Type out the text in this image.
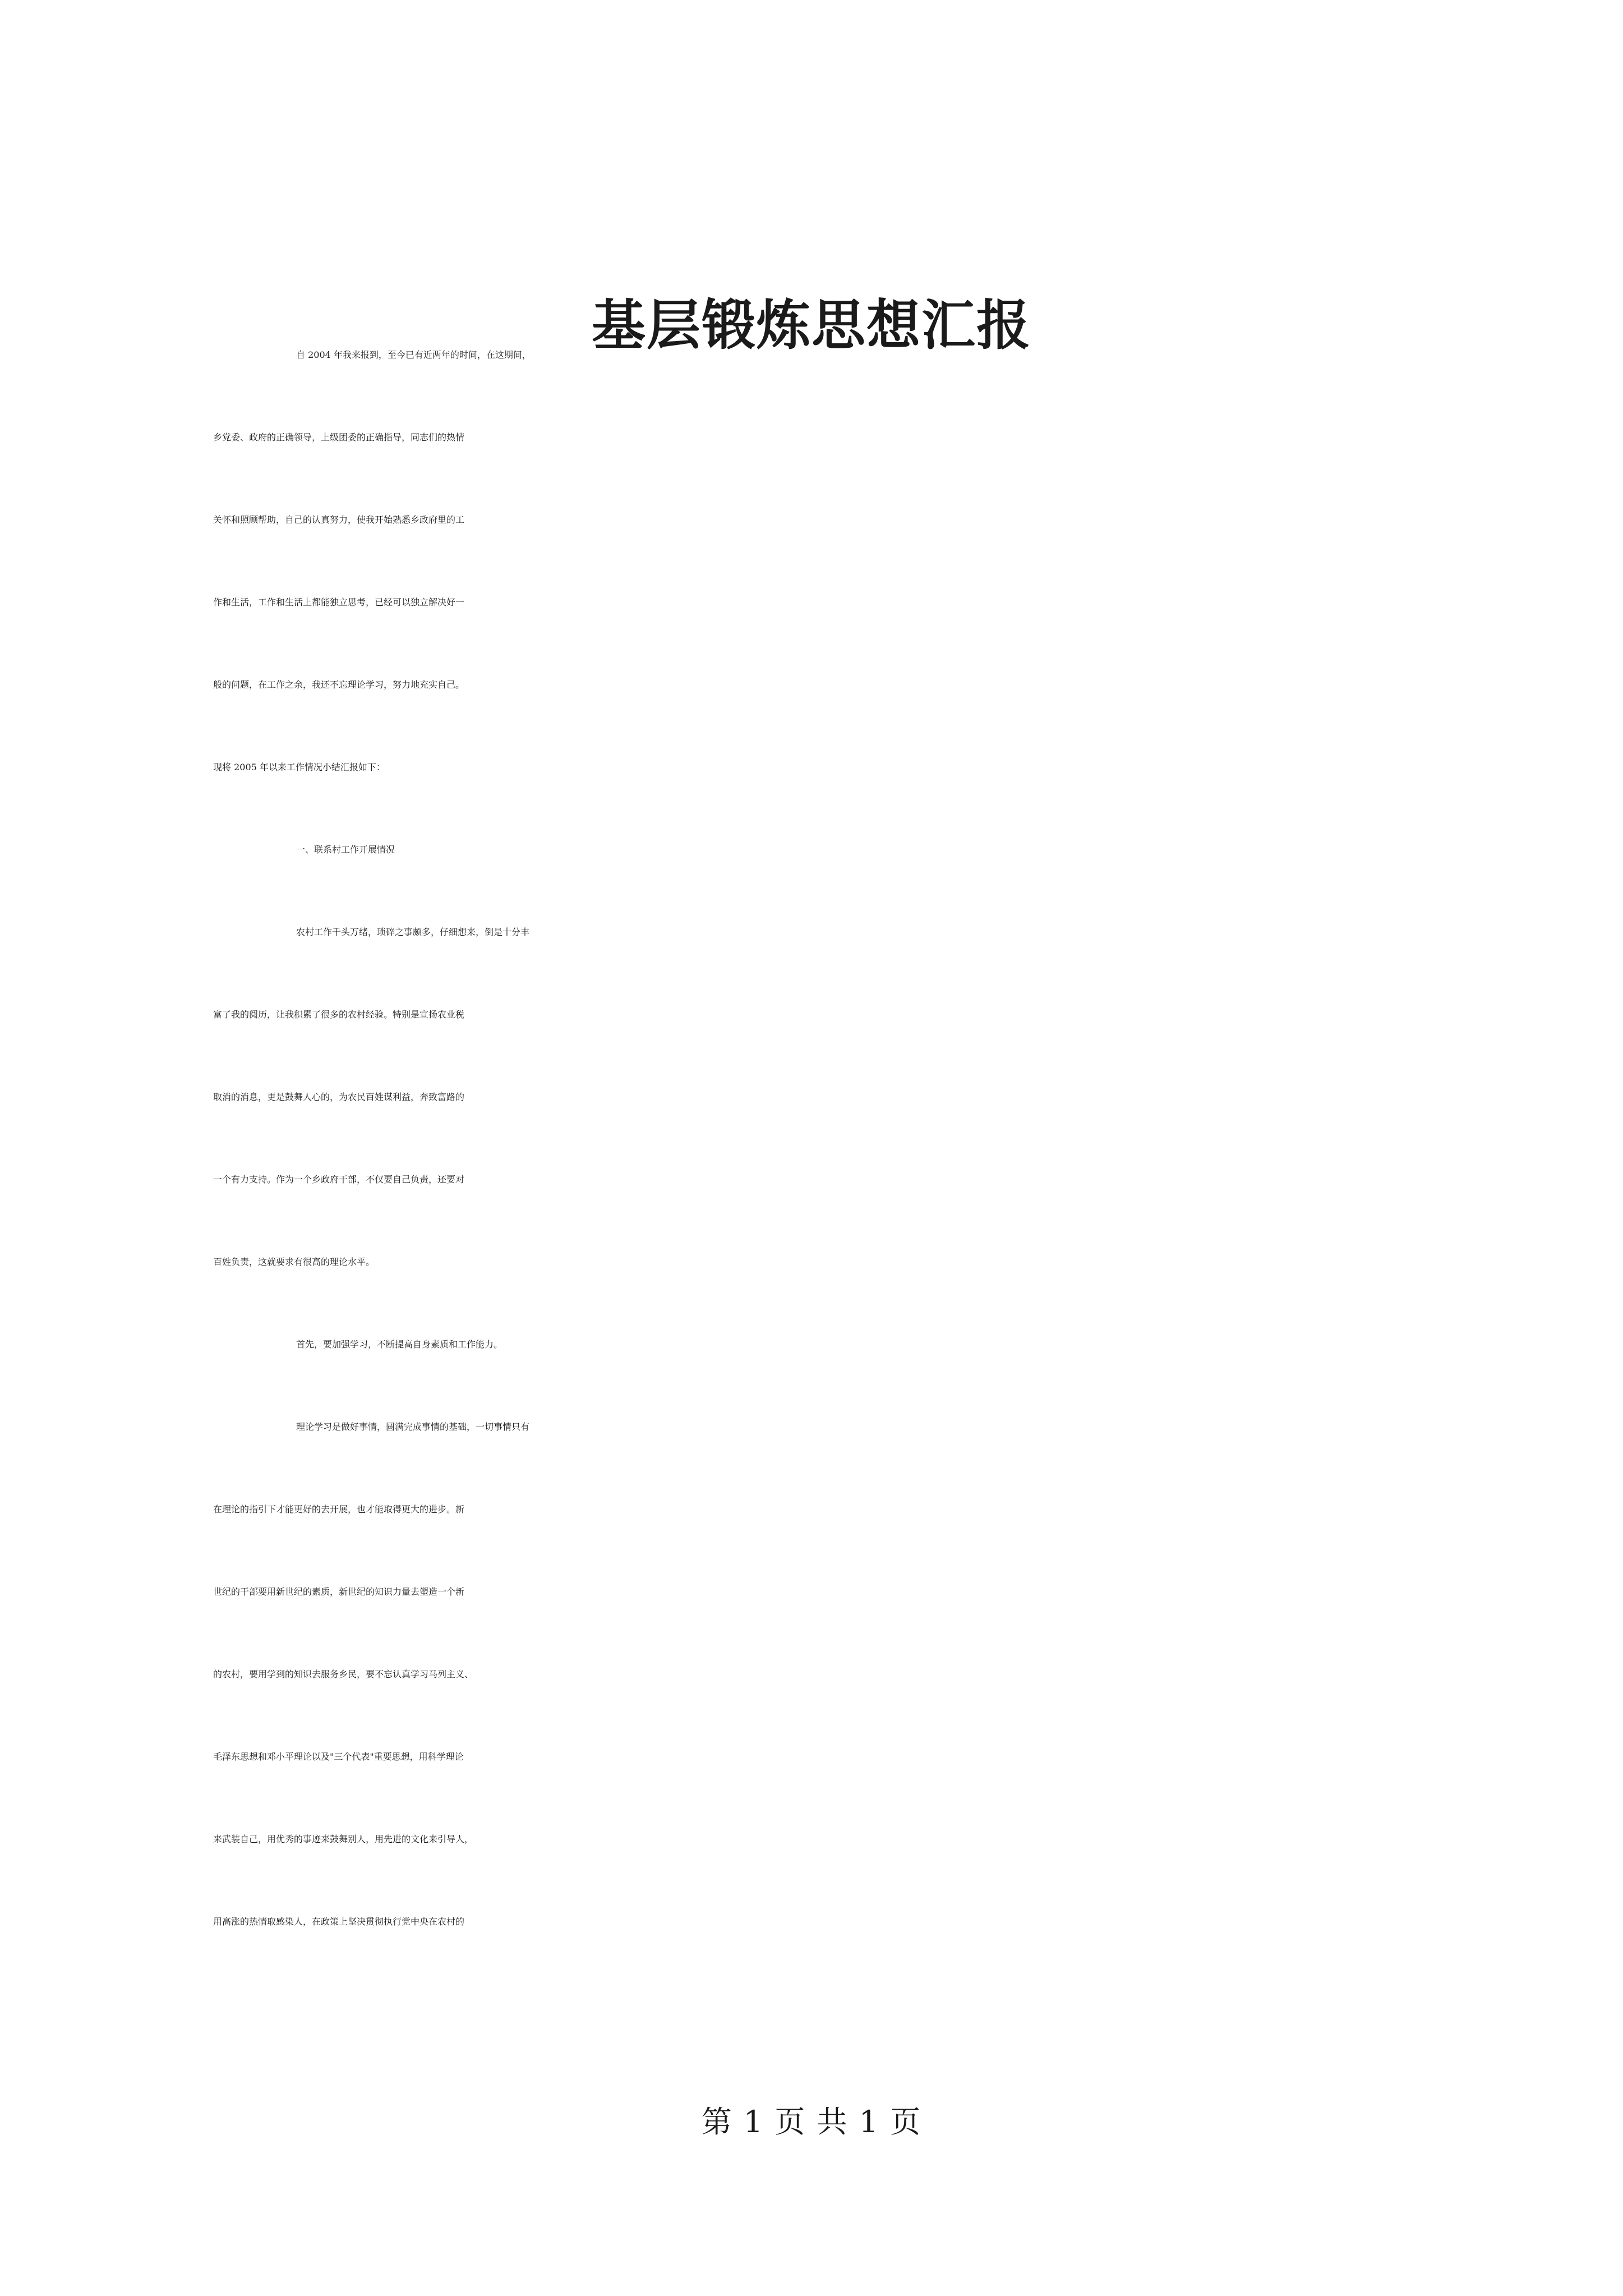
基层锻炼思想汇报
自 2004 年我来报到，至今已有近两年的时间，在这期间，
乡党委、政府的正确领导，上级团委的正确指导，同志们的热情
关怀和照顾帮助，自己的认真努力，使我开始熟悉乡政府里的工
作和生活，工作和生活上都能独立思考，已经可以独立解决好一
般的问题，在工作之余，我还不忘理论学习，努力地充实自己。
现将 2005 年以来工作情况小结汇报如下：
一、联系村工作开展情况
农村工作千头万绪，琐碎之事颇多，仔细想来，倒是十分丰
富了我的阅历，让我积累了很多的农村经验。特别是宣扬农业税
取消的消息，更是鼓舞人心的，为农民百姓谋利益，奔致富路的
一个有力支持。作为一个乡政府干部，不仅要自己负责，还要对
百姓负责，这就要求有很高的理论水平。
首先，要加强学习，不断提高自身素质和工作能力。
理论学习是做好事情，圆满完成事情的基础，一切事情只有
在理论的指引下才能更好的去开展，也才能取得更大的进步。新
世纪的干部要用新世纪的素质，新世纪的知识力量去塑造一个新
的农村，要用学到的知识去服务乡民，要不忘认真学习马列主义、
毛泽东思想和邓小平理论以及"三个代表"重要思想，用科学理论
来武装自己，用优秀的事迹来鼓舞别人，用先进的文化来引导人，
用高涨的热情取感染人，在政策上坚决贯彻执行党中央在农村的
第 1 页 共 1 页
